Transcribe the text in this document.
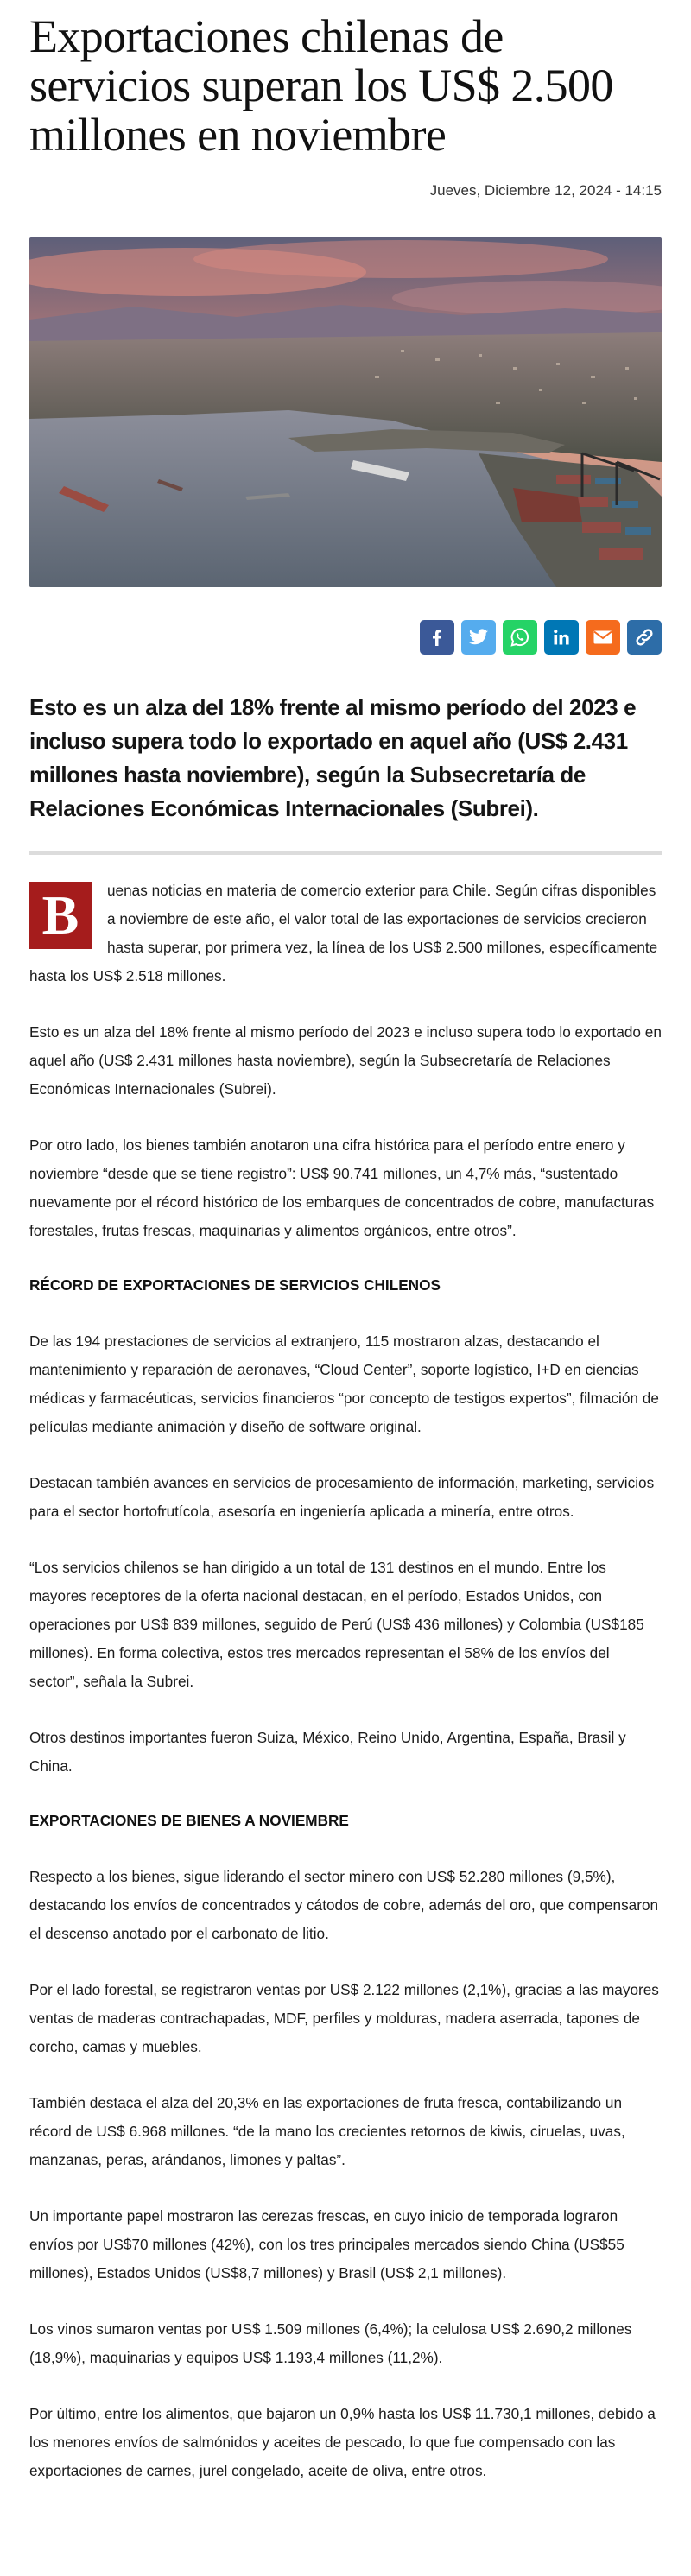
Exportaciones chilenas de servicios superan los US$ 2.500 millones en noviembre
Jueves, Diciembre 12, 2024 - 14:15
Esto es un alza del 18% frente al mismo período del 2023 e incluso supera todo lo exportado en aquel año (US$ 2.431 millones hasta noviembre), según la Subsecretaría de Relaciones Económicas Internacionales (Subrei).

B	uenas noticias en materia de comercio exterior para Chile. Según cifras disponibles a noviembre de este año, el valor total de las exportaciones de servicios crecieron hasta superar, por primera vez, la línea de los US$ 2.500 millones, específicamente hasta los US$ 2.518 millones.

Esto es un alza del 18% frente al mismo período del 2023 e incluso supera todo lo exportado en aquel año (US$ 2.431 millones hasta noviembre), según la Subsecretaría de Relaciones Económicas Internacionales (Subrei).

Por otro lado, los bienes también anotaron una cifra histórica para el período entre enero y noviembre “desde que se tiene registro”: US$ 90.741 millones, un 4,7% más, “sustentado nuevamente por el récord histórico de los embarques de concentrados de cobre, manufacturas forestales, frutas frescas, maquinarias y alimentos orgánicos, entre otros”.

RÉCORD DE EXPORTACIONES DE SERVICIOS CHILENOS

De las 194 prestaciones de servicios al extranjero, 115 mostraron alzas, destacando el mantenimiento y reparación de aeronaves, “Cloud Center”, soporte logístico, I+D en ciencias médicas y farmacéuticas, servicios financieros “por concepto de testigos expertos”, filmación de películas mediante animación y diseño de software original.

Destacan también avances en servicios de procesamiento de información, marketing, servicios para el sector hortofrutícola, asesoría en ingeniería aplicada a minería, entre otros.

“Los servicios chilenos se han dirigido a un total de 131 destinos en el mundo. Entre los mayores receptores de la oferta nacional destacan, en el período, Estados Unidos, con operaciones por US$ 839 millones, seguido de Perú (US$ 436 millones) y Colombia (US$185 millones). En forma colectiva, estos tres mercados representan el 58% de los envíos del sector”, señala la Subrei.

Otros destinos importantes fueron Suiza, México, Reino Unido, Argentina, España, Brasil y China.

EXPORTACIONES DE BIENES A NOVIEMBRE

Respecto a los bienes, sigue liderando el sector minero con US$ 52.280 millones (9,5%), destacando los envíos de concentrados y cátodos de cobre, además del oro, que compensaron el descenso anotado por el carbonato de litio.

Por el lado forestal, se registraron ventas por US$ 2.122 millones (2,1%), gracias a las mayores ventas de maderas contrachapadas, MDF, perfiles y molduras, madera aserrada, tapones de corcho, camas y muebles.

También destaca el alza del 20,3% en las exportaciones de fruta fresca, contabilizando un récord de US$ 6.968 millones. “de la mano los crecientes retornos de kiwis, ciruelas, uvas, manzanas, peras, arándanos, limones y paltas”.

Un importante papel mostraron las cerezas frescas, en cuyo inicio de temporada lograron envíos por US$70 millones (42%), con los tres principales mercados siendo China (US$55 millones), Estados Unidos (US$8,7 millones) y Brasil (US$ 2,1 millones).

Los vinos sumaron ventas por US$ 1.509 millones (6,4%); la celulosa US$ 2.690,2 millones (18,9%), maquinarias y equipos US$ 1.193,4 millones (11,2%).

Por último, entre los alimentos, que bajaron un 0,9% hasta los US$ 11.730,1 millones, debido a los menores envíos de salmónidos y aceites de pescado, lo que fue compensado con las exportaciones de carnes, jurel congelado, aceite de oliva, entre otros.
